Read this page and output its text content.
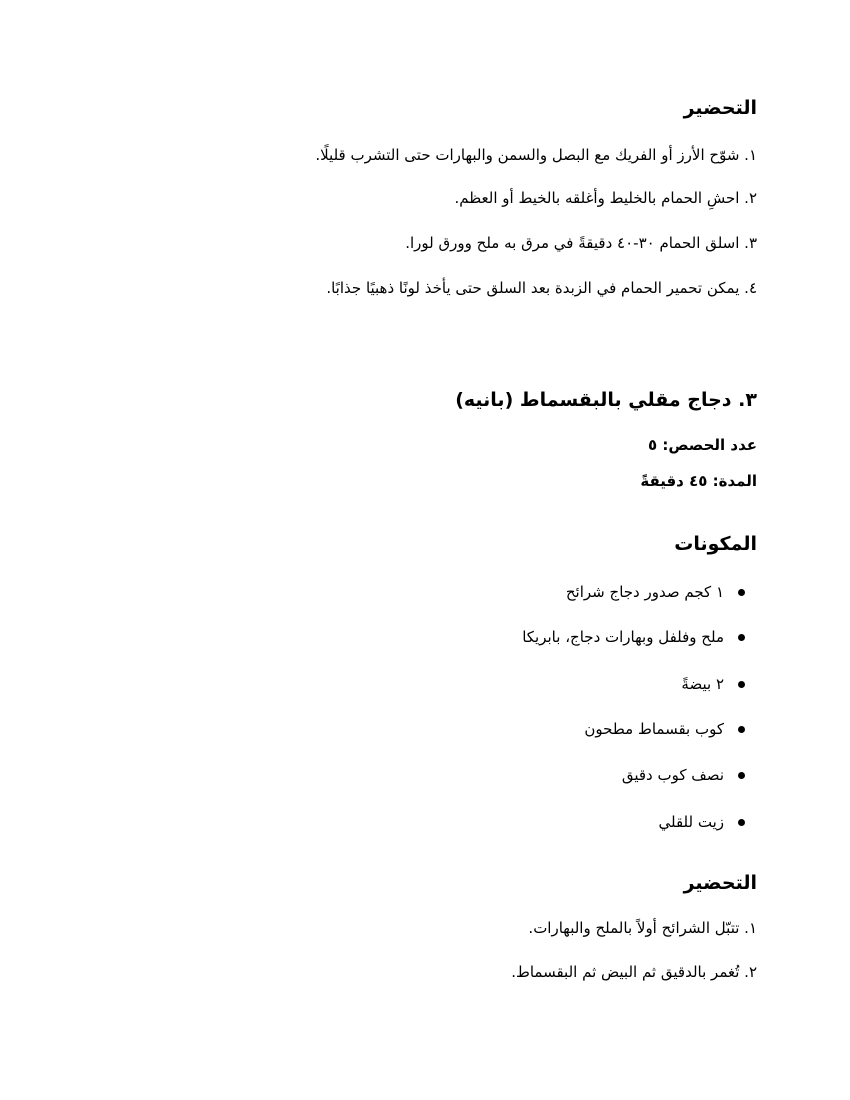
التحضير
١. شوّح الأرز أو الفريك مع البصل والسمن والبهارات حتى التشرب قليلًا.
٢. احشِ الحمام بالخليط وأغلقه بالخيط أو العظم.
٣. اسلق الحمام ٣٠-٤٠ دقيقةً في مرق به ملح وورق لورا.
٤. يمكن تحمير الحمام في الزبدة بعد السلق حتى يأخذ لونًا ذهبيًا جذابًا.
٣. دجاج مقلي بالبقسماط (بانيه)
عدد الحصص: ٥
المدة: ٤٥ دقيقةً
المكونات
١ كجم صدور دجاج شرائح
ملح وفلفل وبهارات دجاج، بابريكا
٢ بيضةً
كوب بقسماط مطحون
نصف كوب دقيق
زيت للقلي
التحضير
١. تتبّل الشرائح أولاً بالملح والبهارات.
٢. تُغمر بالدقيق ثم البيض ثم البقسماط.
